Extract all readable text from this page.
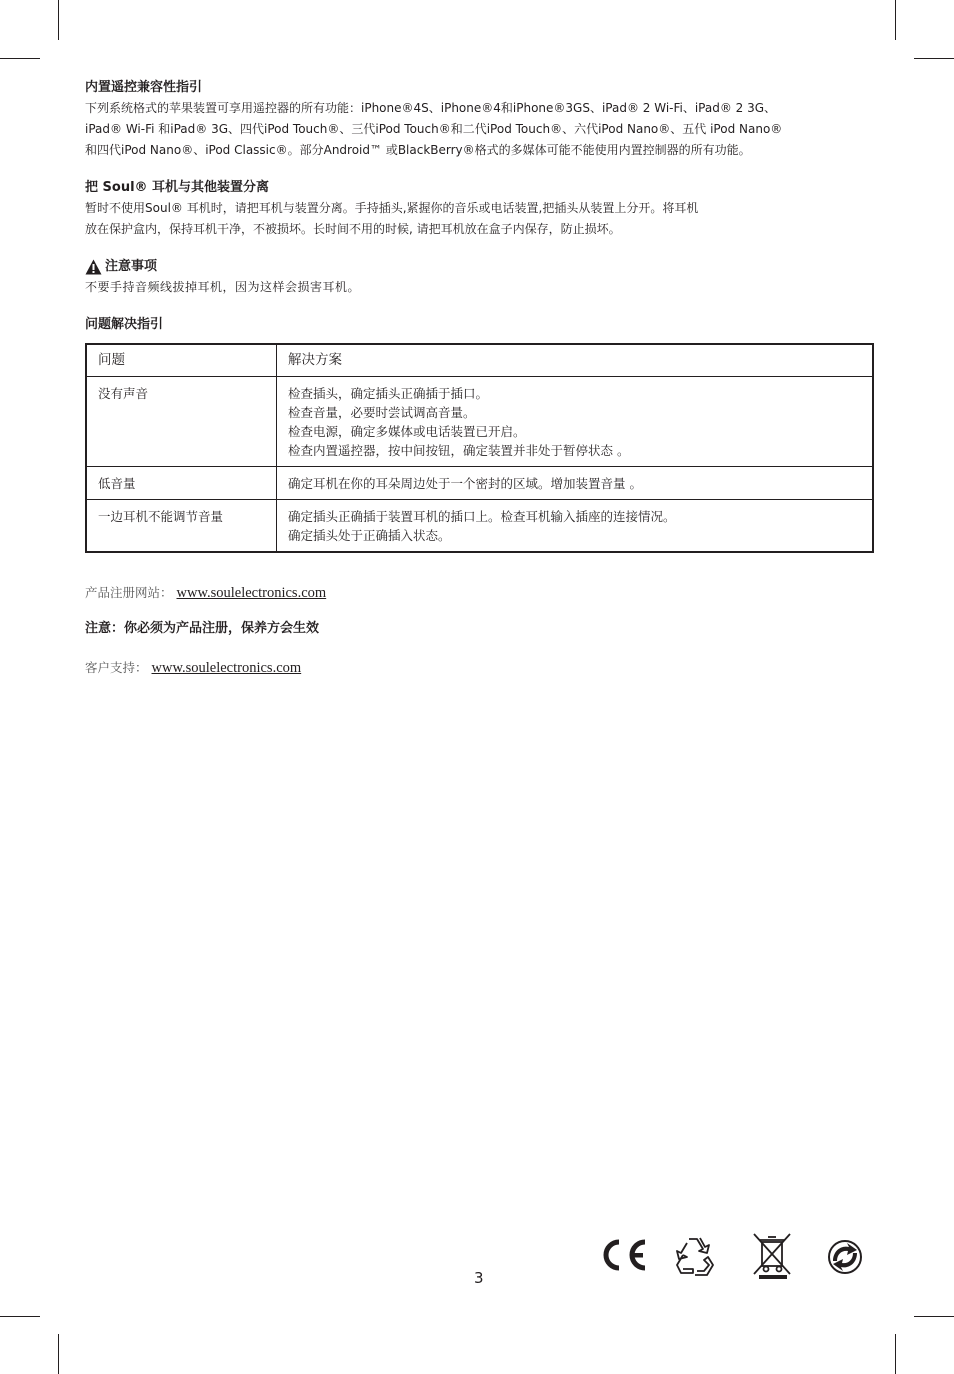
内置遥控兼容性指引

下列系统格式的苹果装置可享用遥控器的所有功能：iPhone®4S、iPhone®4和iPhone®3GS、iPad® 2 Wi-Fi、iPad® 2 3G、
iPad® Wi-Fi 和iPad® 3G、四代iPod Touch®、三代iPod Touch®和二代iPod Touch®、六代iPod Nano®、五代 iPod Nano®
和四代iPod Nano®、iPod Classic®。部分Android™ 或BlackBerry®格式的多媒体可能不能使用内置控制器的所有功能。

把 Soul® 耳机与其他装置分离

暂时不使用Soul® 耳机时，请把耳机与装置分离。手持插头,紧握你的音乐或电话装置,把插头从装置上分开。将耳机
放在保护盒内，保持耳机干净，不被损坏。长时间不用的时候, 请把耳机放在盒子内保存，防止损坏。

注意事项

不要手持音频线拔掉耳机，因为这样会损害耳机。

问题解决指引
问题	解决方案
没有声音	检查插头，确定插头正确插于插口。
检查音量，必要时尝试调高音量。
检查电源，确定多媒体或电话装置已开启。
检查内置遥控器，按中间按钮，确定装置并非处于暂停状态 。

低音量	确定耳机在你的耳朵周边处于一个密封的区域。增加装置音量 。

一边耳机不能调节音量	确定插头正确插于装置耳机的插口上。检查耳机输入插座的连接情况。
确定插头处于正确插入状态。

产品注册网站： www.soulelectronics.com

注意：你必须为产品注册，保养方会生效

客户支持： www.soulelectronics.com

3
